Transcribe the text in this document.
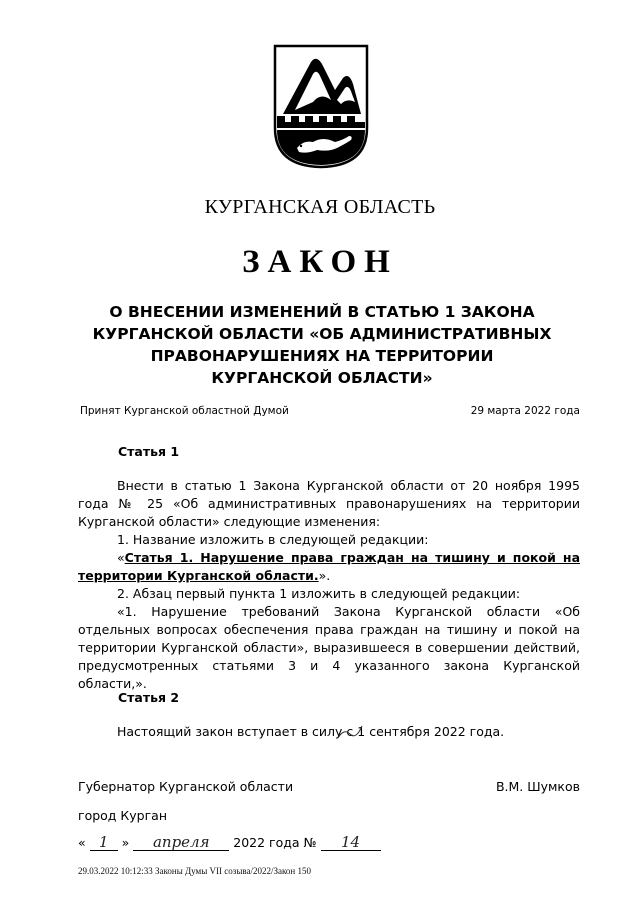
КУРГАНСКАЯ ОБЛАСТЬ
ЗАКОН
О ВНЕСЕНИИ ИЗМЕНЕНИЙ В СТАТЬЮ 1 ЗАКОНА
КУРГАНСКОЙ ОБЛАСТИ «ОБ АДМИНИСТРАТИВНЫХ
ПРАВОНАРУШЕНИЯХ НА ТЕРРИТОРИИ
КУРГАНСКОЙ ОБЛАСТИ»
Принят Курганской областной Думой	29 марта 2022 года
Статья 1

Внести в статью 1 Закона Курганской области от 20 ноября 1995 года № 25 «Об административных правонарушениях на территории Курганской области» следующие изменения:

1. Название изложить в следующей редакции:

«Статья 1. Нарушение права граждан на тишину и покой на территории Курганской области.».

2. Абзац первый пункта 1 изложить в следующей редакции:

«1. Нарушение требований Закона Курганской области «Об отдельных вопросах обеспечения права граждан на тишину и покой на территории Курганской области», выразившееся в совершении действий, предусмотренных статьями 3 и 4 указанного закона Курганской области,».

Статья 2

Настоящий закон вступает в силу с 1 сентября 2022 года.

Губернатор Курганской области	В.М. Шумков
город Курган
« 1 » апреля 2022 года № 14
29.03.2022 10:12:33 Законы Думы VII созыва/2022/Закон 150
